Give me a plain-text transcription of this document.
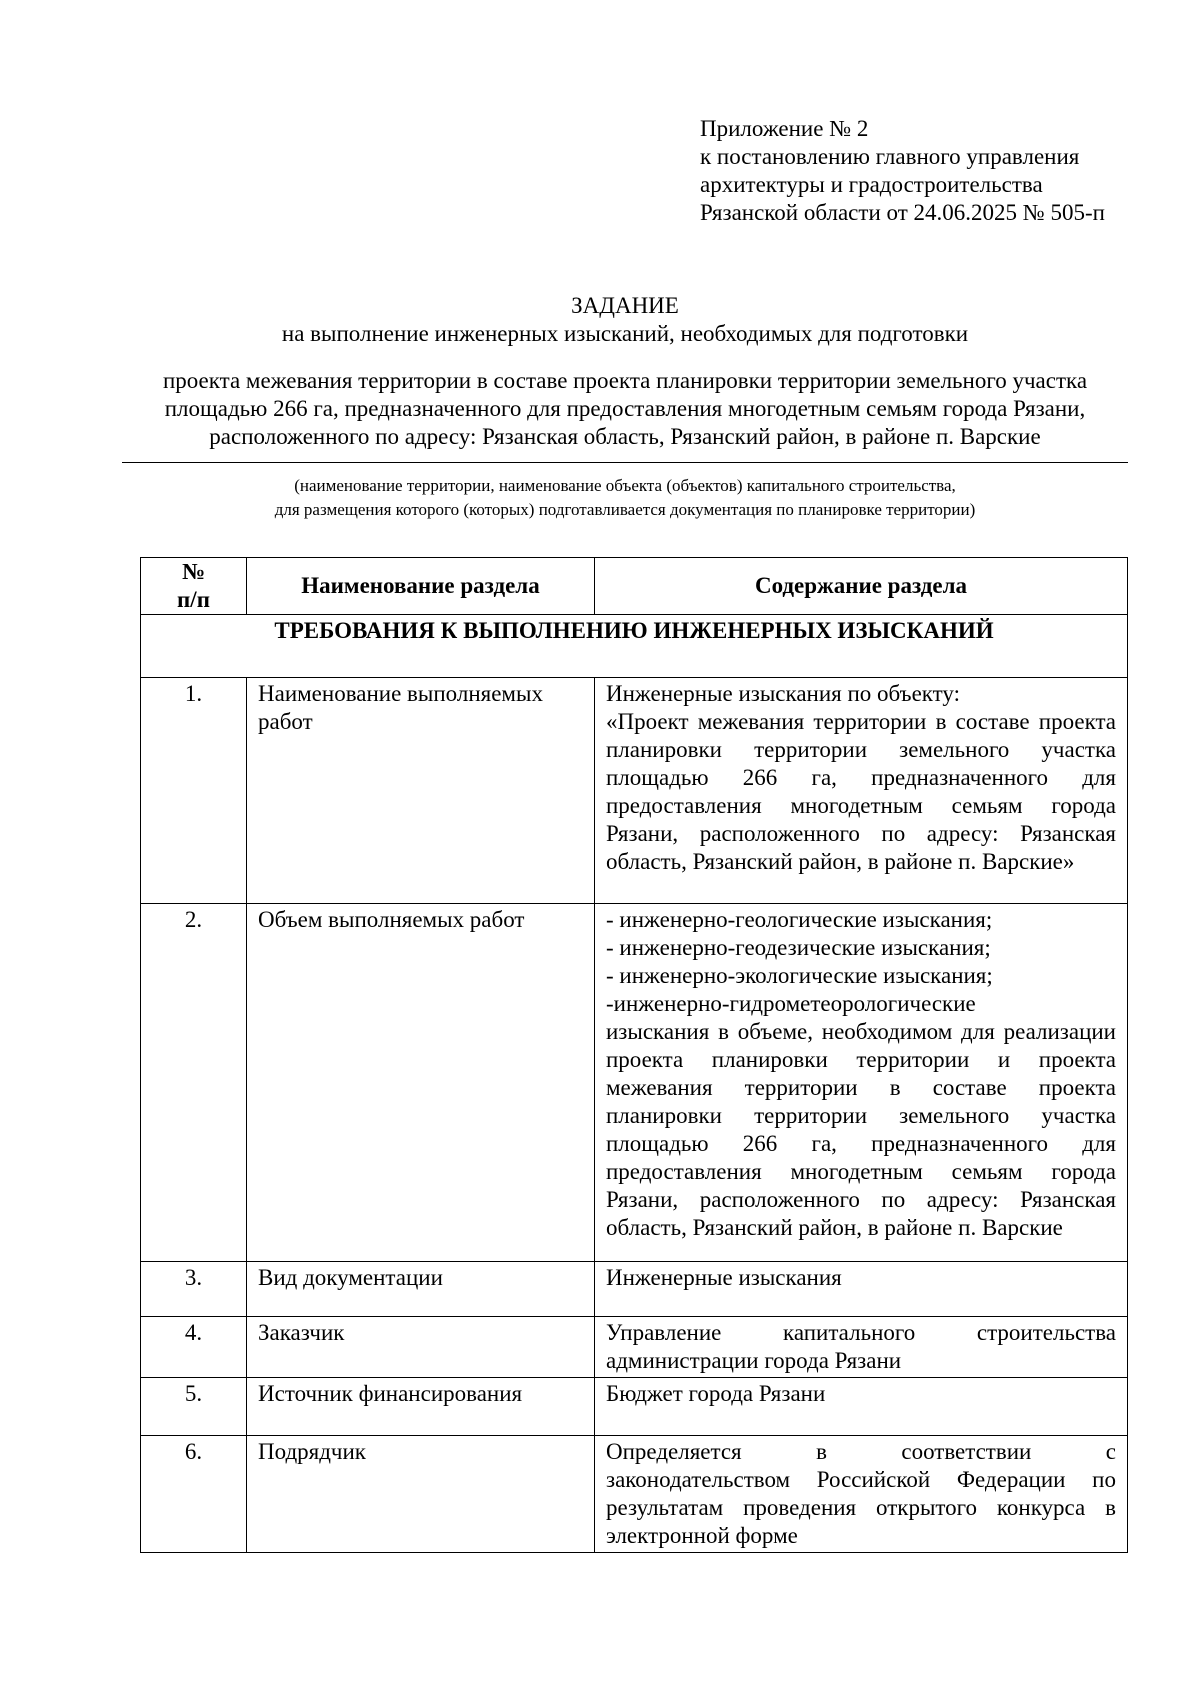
Приложение № 2
к постановлению главного управления
архитектуры и градостроительства
Рязанской области от 24.06.2025 № 505-п
ЗАДАНИЕ
на выполнение инженерных изысканий, необходимых для подготовки
проекта межевания территории в составе проекта планировки территории земельного участка
площадью 266 га, предназначенного для предоставления многодетным семьям города Рязани,
расположенного по адресу: Рязанская область, Рязанский район, в районе п. Варские
(наименование территории, наименование объекта (объектов) капитального строительства,
для размещения которого (которых) подготавливается документация по планировке территории)
№
п/п	Наименование раздела	Содержание раздела
ТРЕБОВАНИЯ К ВЫПОЛНЕНИЮ ИНЖЕНЕРНЫХ ИЗЫСКАНИЙ		
1.	Наименование выполняемых работ	Инженерные изыскания по объекту:
«Проект межевания территории в составе проекта планировки территории земельного участка площадью 266 га, предназначенного для предоставления многодетным семьям города Рязани, расположенного по адресу: Рязанская область, Рязанский район, в районе п. Варские»

2.	Объем выполняемых работ	- инженерно-геологические изыскания;
- инженерно-геодезические изыскания;
- инженерно-экологические изыскания;
-инженерно-гидрометеорологические
изыскания в объеме, необходимом для реализации проекта планировки территории и проекта межевания территории в составе проекта планировки территории земельного участка площадью 266 га, предназначенного для предоставления многодетным семьям города Рязани, расположенного по адресу: Рязанская область, Рязанский район, в районе п. Варские

3.	Вид документации	Инженерные изыскания
4.	Заказчик	Управление капитального строительства администрации города Рязани
5.	Источник финансирования	Бюджет города Рязани
6.	Подрядчик	Определяется в соответствии с
законодательством Российской Федерации по результатам проведения открытого конкурса в электронной форме
